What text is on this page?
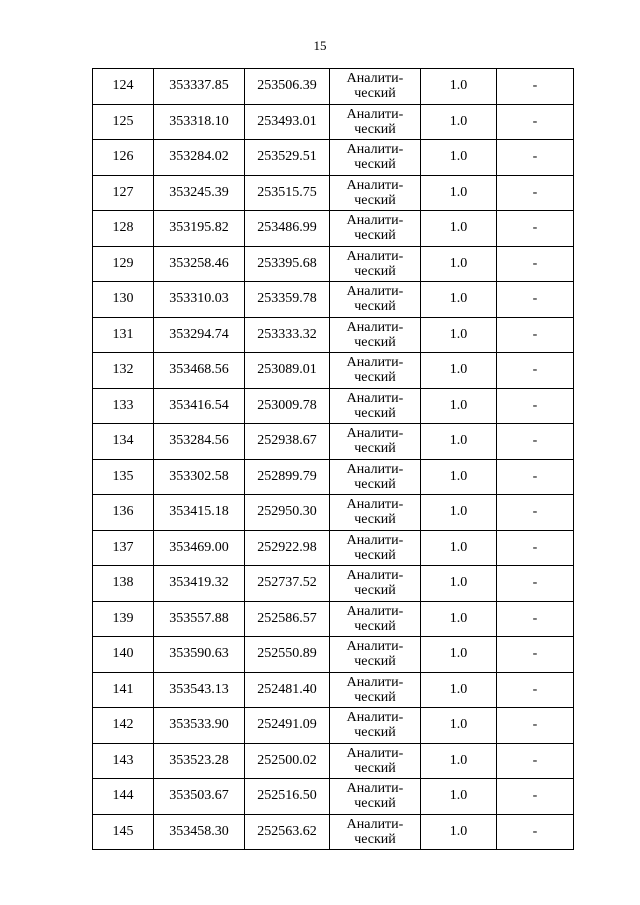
15
124	353337.85	253506.39	Аналити-
ческий	1.0	-
125	353318.10	253493.01	Аналити-
ческий	1.0	-
126	353284.02	253529.51	Аналити-
ческий	1.0	-
127	353245.39	253515.75	Аналити-
ческий	1.0	-
128	353195.82	253486.99	Аналити-
ческий	1.0	-
129	353258.46	253395.68	Аналити-
ческий	1.0	-
130	353310.03	253359.78	Аналити-
ческий	1.0	-
131	353294.74	253333.32	Аналити-
ческий	1.0	-
132	353468.56	253089.01	Аналити-
ческий	1.0	-
133	353416.54	253009.78	Аналити-
ческий	1.0	-
134	353284.56	252938.67	Аналити-
ческий	1.0	-
135	353302.58	252899.79	Аналити-
ческий	1.0	-
136	353415.18	252950.30	Аналити-
ческий	1.0	-
137	353469.00	252922.98	Аналити-
ческий	1.0	-
138	353419.32	252737.52	Аналити-
ческий	1.0	-
139	353557.88	252586.57	Аналити-
ческий	1.0	-
140	353590.63	252550.89	Аналити-
ческий	1.0	-
141	353543.13	252481.40	Аналити-
ческий	1.0	-
142	353533.90	252491.09	Аналити-
ческий	1.0	-
143	353523.28	252500.02	Аналити-
ческий	1.0	-
144	353503.67	252516.50	Аналити-
ческий	1.0	-
145	353458.30	252563.62	Аналити-
ческий	1.0	-
